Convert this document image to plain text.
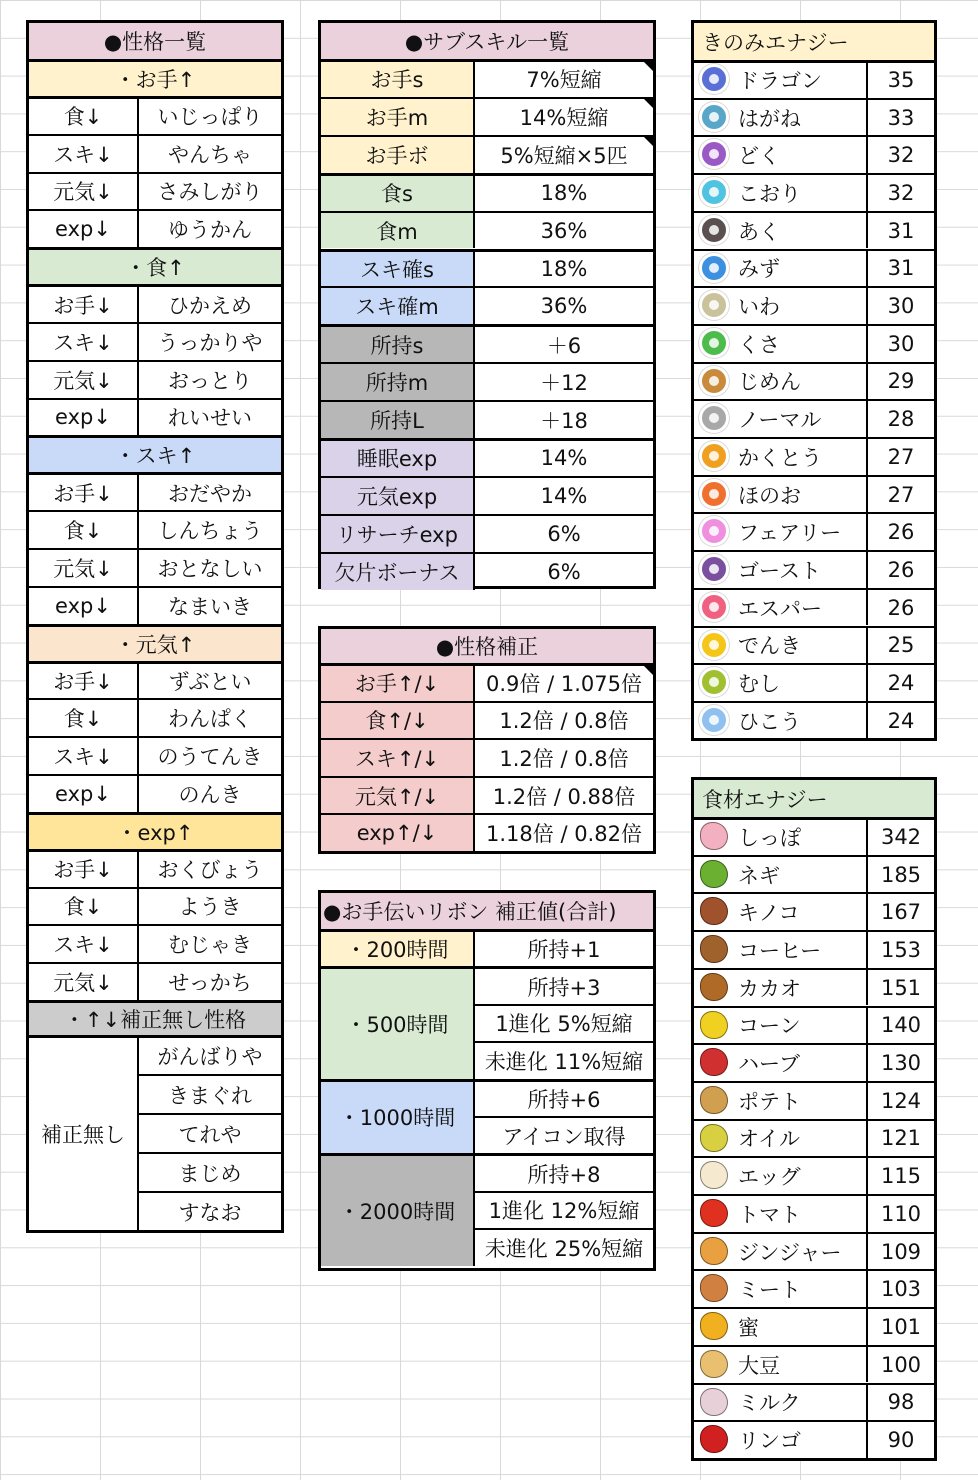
●性格一覧
・お手↑
食↓	いじっぱり
スキ↓	やんちゃ
元気↓	さみしがり
exp↓	ゆうかん
・食↑
お手↓	ひかえめ
スキ↓	うっかりや
元気↓	おっとり
exp↓	れいせい
・スキ↑
お手↓	おだやか
食↓	しんちょう
元気↓	おとなしい
exp↓	なまいき
・元気↑
お手↓	ずぶとい
食↓	わんぱく
スキ↓	のうてんき
exp↓	のんき
・exp↑
お手↓	おくびょう
食↓	ようき
スキ↓	むじゃき
元気↓	せっかち
・↑↓補正無し性格
補正無し
がんばりや
きまぐれ
てれや
まじめ
すなお
●サブスキル一覧
お手s	7%短縮
お手m	14%短縮
お手ボ	5%短縮×5匹
食s	18%
食m	36%
スキ確s	18%
スキ確m	36%
所持s	＋6
所持m	＋12
所持L	＋18
睡眠exp	14%
元気exp	14%
リサーチexp	6%
欠片ボーナス	6%
●性格補正
お手↑/↓	0.9倍 / 1.075倍
食↑/↓	1.2倍 / 0.8倍
スキ↑/↓	1.2倍 / 0.8倍
元気↑/↓	1.2倍 / 0.88倍
exp↑/↓	1.18倍 / 0.82倍
●お手伝いリボン 補正値(合計)
・200時間	所持+1
・500時間
所持+3
1進化 5%短縮
未進化 11%短縮
・1000時間
所持+6
アイコン取得
・2000時間
所持+8
1進化 12%短縮
未進化 25%短縮
きのみエナジー
ドラゴン	35
はがね	33
どく	32
こおり	32
あく	31
みず	31
いわ	30
くさ	30
じめん	29
ノーマル	28
かくとう	27
ほのお	27
フェアリー	26
ゴースト	26
エスパー	26
でんき	25
むし	24
ひこう	24
食材エナジー
しっぽ	342
ネギ	185
キノコ	167
コーヒー	153
カカオ	151
コーン	140
ハーブ	130
ポテト	124
オイル	121
エッグ	115
トマト	110
ジンジャー	109
ミート	103
蜜	101
大豆	100
ミルク	98
リンゴ	90
